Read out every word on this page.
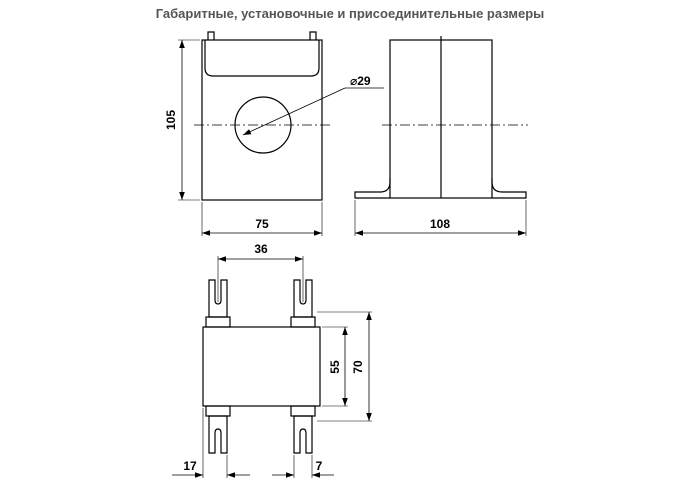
Габаритные, установочные и присоединительные размеры
105
⌀29
75	108
36
55 70
17	7
